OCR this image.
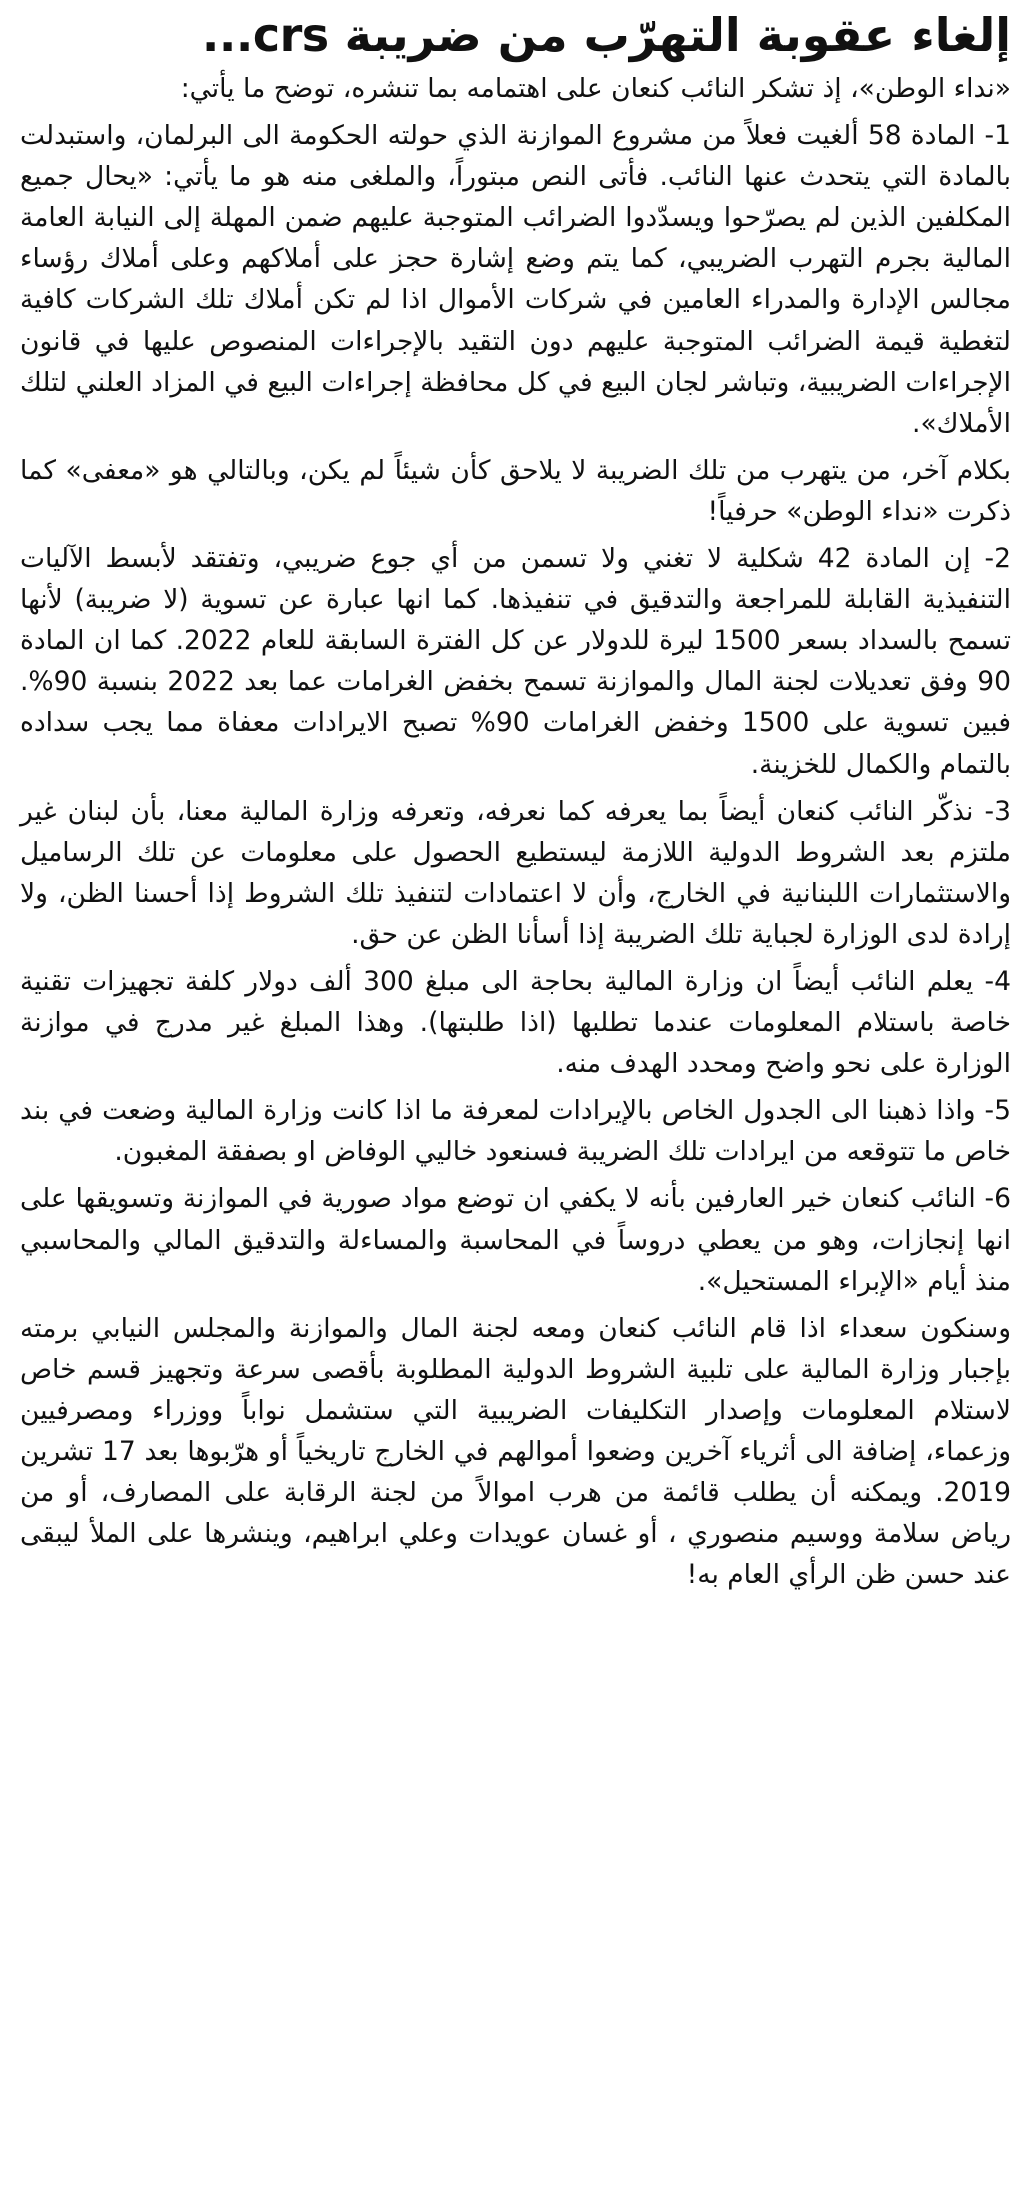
إلغاء عقوبة التهرّب من ضريبة crs...

«نداء الوطن»، إذ تشكر النائب كنعان على اهتمامه بما تنشره، توضح ما يأتي:

1- المادة 58 ألغيت فعلاً من مشروع الموازنة الذي حولته الحكومة الى البرلمان، واستبدلت بالمادة التي يتحدث عنها النائب. فأتى النص مبتوراً، والملغى منه هو ما يأتي: «يحال جميع المكلفين الذين لم يصرّحوا ويسدّدوا الضرائب المتوجبة عليهم ضمن المهلة إلى النيابة العامة المالية بجرم التهرب الضريبي، كما يتم وضع إشارة حجز على أملاكهم وعلى أملاك رؤساء مجالس الإدارة والمدراء العامين في شركات الأموال اذا لم تكن أملاك تلك الشركات كافية لتغطية قيمة الضرائب المتوجبة عليهم دون التقيد بالإجراءات المنصوص عليها في قانون الإجراءات الضريبية، وتباشر لجان البيع في كل محافظة إجراءات البيع في المزاد العلني لتلك الأملاك».

بكلام آخر، من يتهرب من تلك الضريبة لا يلاحق كأن شيئاً لم يكن، وبالتالي هو «معفى» كما ذكرت «نداء الوطن» حرفياً!

2- إن المادة 42 شكلية لا تغني ولا تسمن من أي جوع ضريبي، وتفتقد لأبسط الآليات التنفيذية القابلة للمراجعة والتدقيق في تنفيذها. كما انها عبارة عن تسوية (لا ضريبة) لأنها تسمح بالسداد بسعر 1500 ليرة للدولار عن كل الفترة السابقة للعام 2022. كما ان المادة 90 وفق تعديلات لجنة المال والموازنة تسمح بخفض الغرامات عما بعد 2022 بنسبة 90%. فبين تسوية على 1500 وخفض الغرامات 90% تصبح الايرادات معفاة مما يجب سداده بالتمام والكمال للخزينة.

3- نذكّر النائب كنعان أيضاً بما يعرفه كما نعرفه، وتعرفه وزارة المالية معنا، بأن لبنان غير ملتزم بعد الشروط الدولية اللازمة ليستطيع الحصول على معلومات عن تلك الرساميل والاستثمارات اللبنانية في الخارج، وأن لا اعتمادات لتنفيذ تلك الشروط إذا أحسنا الظن، ولا إرادة لدى الوزارة لجباية تلك الضريبة إذا أسأنا الظن عن حق.

4- يعلم النائب أيضاً ان وزارة المالية بحاجة الى مبلغ 300 ألف دولار كلفة تجهيزات تقنية خاصة باستلام المعلومات عندما تطلبها (اذا طلبتها). وهذا المبلغ غير مدرج في موازنة الوزارة على نحو واضح ومحدد الهدف منه.

5- واذا ذهبنا الى الجدول الخاص بالإيرادات لمعرفة ما اذا كانت وزارة المالية وضعت في بند خاص ما تتوقعه من ايرادات تلك الضريبة فسنعود خاليي الوفاض او بصفقة المغبون.

6- النائب كنعان خير العارفين بأنه لا يكفي ان توضع مواد صورية في الموازنة وتسويقها على انها إنجازات، وهو من يعطي دروساً في المحاسبة والمساءلة والتدقيق المالي والمحاسبي منذ أيام «الإبراء المستحيل».

وسنكون سعداء اذا قام النائب كنعان ومعه لجنة المال والموازنة والمجلس النيابي برمته بإجبار وزارة المالية على تلبية الشروط الدولية المطلوبة بأقصى سرعة وتجهيز قسم خاص لاستلام المعلومات وإصدار التكليفات الضريبية التي ستشمل نواباً ووزراء ومصرفيين وزعماء، إضافة الى أثرياء آخرين وضعوا أموالهم في الخارج تاريخياً أو هرّبوها بعد 17 تشرين 2019. ويمكنه أن يطلب قائمة من هرب اموالاً من لجنة الرقابة على المصارف، أو من رياض سلامة ووسيم منصوري ، أو غسان عويدات وعلي ابراهيم، وينشرها على الملأ ليبقى عند حسن ظن الرأي العام به!
